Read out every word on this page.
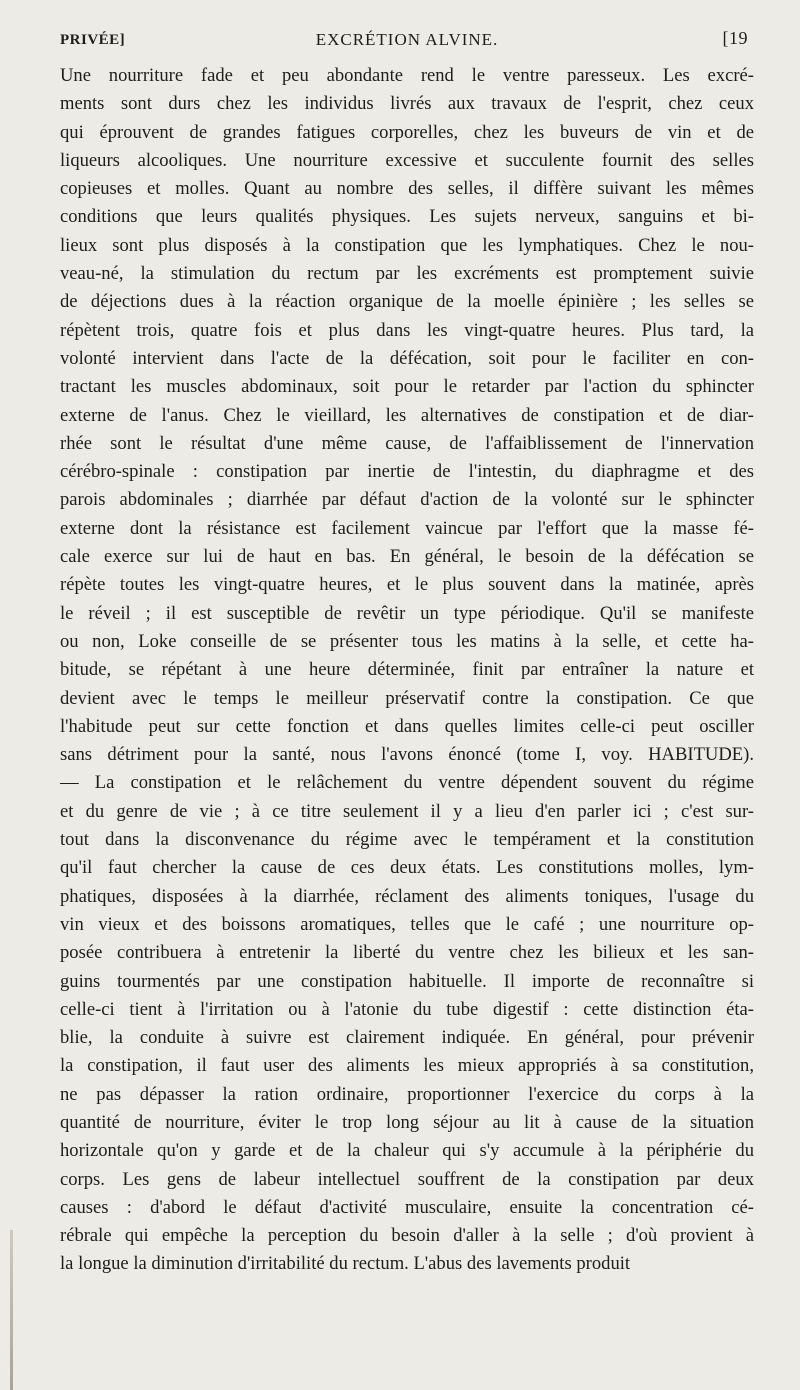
PRIVÉE]	EXCRÉTION ALVINE.	[19

Une nourriture fade et peu abondante rend le ventre paresseux. Les excré-
ments sont durs chez les individus livrés aux travaux de l'esprit, chez ceux
qui éprouvent de grandes fatigues corporelles, chez les buveurs de vin et de
liqueurs alcooliques. Une nourriture excessive et succulente fournit des selles
copieuses et molles. Quant au nombre des selles, il diffère suivant les mêmes
conditions que leurs qualités physiques. Les sujets nerveux, sanguins et bi-
lieux sont plus disposés à la constipation que les lymphatiques. Chez le nou-
veau-né, la stimulation du rectum par les excréments est promptement suivie
de déjections dues à la réaction organique de la moelle épinière ; les selles se
répètent trois, quatre fois et plus dans les vingt-quatre heures. Plus tard, la
volonté intervient dans l'acte de la défécation, soit pour le faciliter en con-
tractant les muscles abdominaux, soit pour le retarder par l'action du sphincter
externe de l'anus. Chez le vieillard, les alternatives de constipation et de diar-
rhée sont le résultat d'une même cause, de l'affaiblissement de l'innervation
cérébro-spinale : constipation par inertie de l'intestin, du diaphragme et des
parois abdominales ; diarrhée par défaut d'action de la volonté sur le sphincter
externe dont la résistance est facilement vaincue par l'effort que la masse fé-
cale exerce sur lui de haut en bas. En général, le besoin de la défécation se
répète toutes les vingt-quatre heures, et le plus souvent dans la matinée, après
le réveil ; il est susceptible de revêtir un type périodique. Qu'il se manifeste
ou non, Loke conseille de se présenter tous les matins à la selle, et cette ha-
bitude, se répétant à une heure déterminée, finit par entraîner la nature et
devient avec le temps le meilleur préservatif contre la constipation. Ce que
l'habitude peut sur cette fonction et dans quelles limites celle-ci peut osciller
sans détriment pour la santé, nous l'avons énoncé (tome I, voy. HABITUDE).
— La constipation et le relâchement du ventre dépendent souvent du régime
et du genre de vie ; à ce titre seulement il y a lieu d'en parler ici ; c'est sur-
tout dans la disconvenance du régime avec le tempérament et la constitution
qu'il faut chercher la cause de ces deux états. Les constitutions molles, lym-
phatiques, disposées à la diarrhée, réclament des aliments toniques, l'usage du
vin vieux et des boissons aromatiques, telles que le café ; une nourriture op-
posée contribuera à entretenir la liberté du ventre chez les bilieux et les san-
guins tourmentés par une constipation habituelle. Il importe de reconnaître si
celle-ci tient à l'irritation ou à l'atonie du tube digestif : cette distinction éta-
blie, la conduite à suivre est clairement indiquée. En général, pour prévenir
la constipation, il faut user des aliments les mieux appropriés à sa constitution,
ne pas dépasser la ration ordinaire, proportionner l'exercice du corps à la
quantité de nourriture, éviter le trop long séjour au lit à cause de la situation
horizontale qu'on y garde et de la chaleur qui s'y accumule à la périphérie du
corps. Les gens de labeur intellectuel souffrent de la constipation par deux
causes : d'abord le défaut d'activité musculaire, ensuite la concentration cé-
rébrale qui empêche la perception du besoin d'aller à la selle ; d'où provient à
la longue la diminution d'irritabilité du rectum. L'abus des lavements produit
